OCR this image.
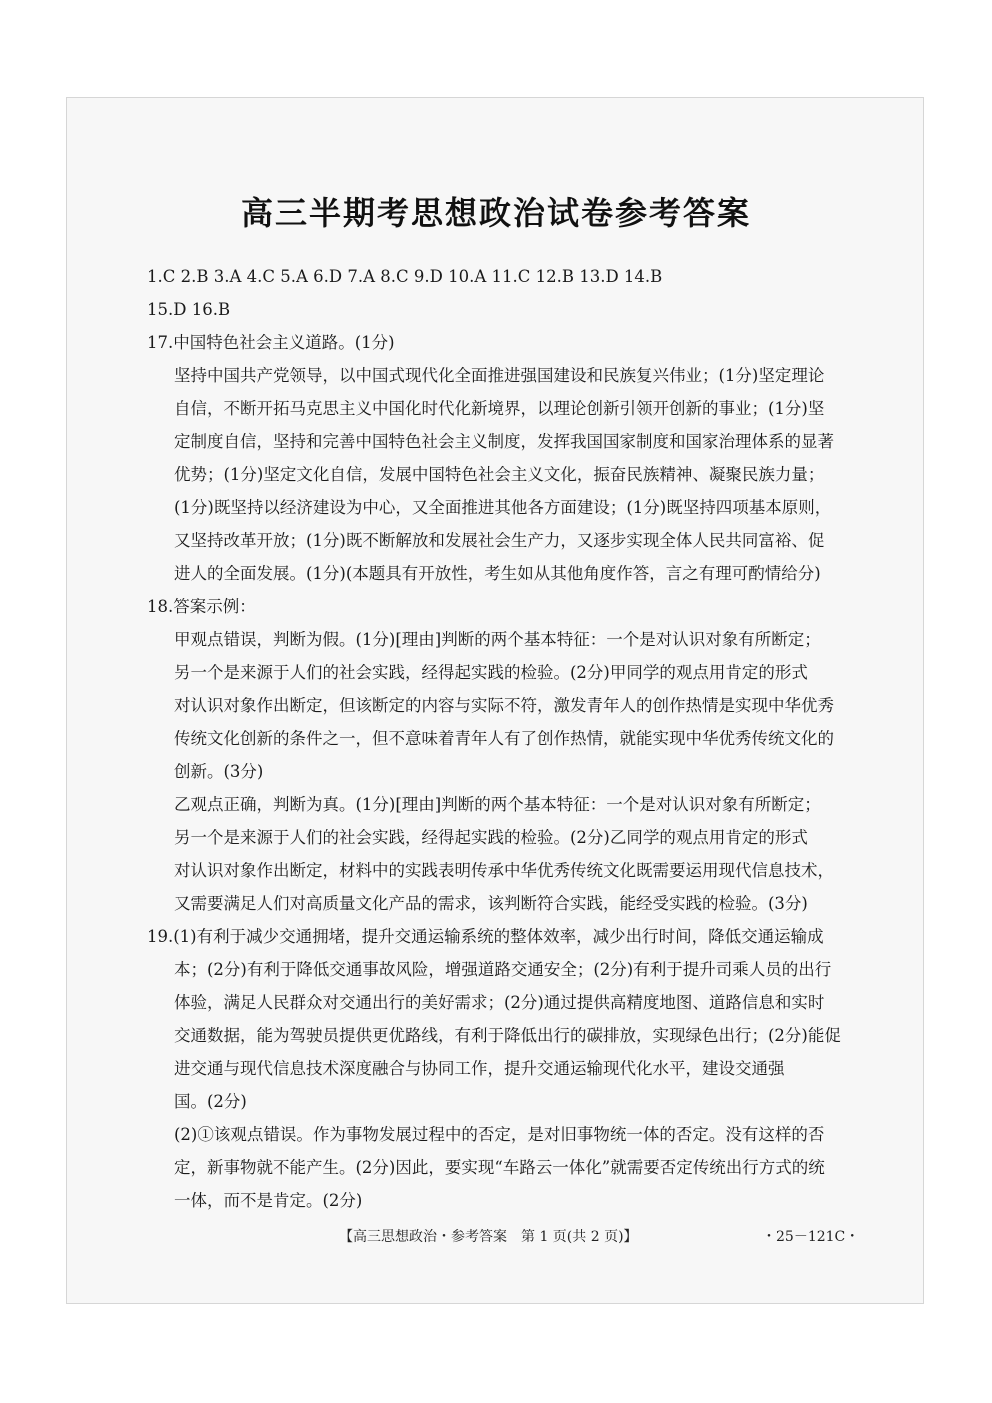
高三半期考思想政治试卷参考答案
1.C 2.B 3.A 4.C 5.A 6.D 7.A 8.C 9.D 10.A 11.C 12.B 13.D 14.B
15.D 16.B
17.中国特色社会主义道路。(1分)
坚持中国共产党领导，以中国式现代化全面推进强国建设和民族复兴伟业；(1分)坚定理论
自信，不断开拓马克思主义中国化时代化新境界，以理论创新引领开创新的事业；(1分)坚
定制度自信，坚持和完善中国特色社会主义制度，发挥我国国家制度和国家治理体系的显著
优势；(1分)坚定文化自信，发展中国特色社会主义文化，振奋民族精神、凝聚民族力量；
(1分)既坚持以经济建设为中心，又全面推进其他各方面建设；(1分)既坚持四项基本原则，
又坚持改革开放；(1分)既不断解放和发展社会生产力，又逐步实现全体人民共同富裕、促
进人的全面发展。(1分)(本题具有开放性，考生如从其他角度作答，言之有理可酌情给分)
18.答案示例：
甲观点错误，判断为假。(1分)[理由]判断的两个基本特征：一个是对认识对象有所断定；
另一个是来源于人们的社会实践，经得起实践的检验。(2分)甲同学的观点用肯定的形式
对认识对象作出断定，但该断定的内容与实际不符，激发青年人的创作热情是实现中华优秀
传统文化创新的条件之一，但不意味着青年人有了创作热情，就能实现中华优秀传统文化的
创新。(3分)
乙观点正确，判断为真。(1分)[理由]判断的两个基本特征：一个是对认识对象有所断定；
另一个是来源于人们的社会实践，经得起实践的检验。(2分)乙同学的观点用肯定的形式
对认识对象作出断定，材料中的实践表明传承中华优秀传统文化既需要运用现代信息技术，
又需要满足人们对高质量文化产品的需求，该判断符合实践，能经受实践的检验。(3分)
19.(1)有利于减少交通拥堵，提升交通运输系统的整体效率，减少出行时间，降低交通运输成
本；(2分)有利于降低交通事故风险，增强道路交通安全；(2分)有利于提升司乘人员的出行
体验，满足人民群众对交通出行的美好需求；(2分)通过提供高精度地图、道路信息和实时
交通数据，能为驾驶员提供更优路线，有利于降低出行的碳排放，实现绿色出行；(2分)能促
进交通与现代信息技术深度融合与协同工作，提升交通运输现代化水平，建设交通强
国。(2分)
(2)①该观点错误。作为事物发展过程中的否定，是对旧事物统一体的否定。没有这样的否
定，新事物就不能产生。(2分)因此，要实现“车路云一体化”就需要否定传统出行方式的统
一体，而不是肯定。(2分)
【高三思想政治・参考答案　第 1 页(共 2 页)】	・25－121C・
